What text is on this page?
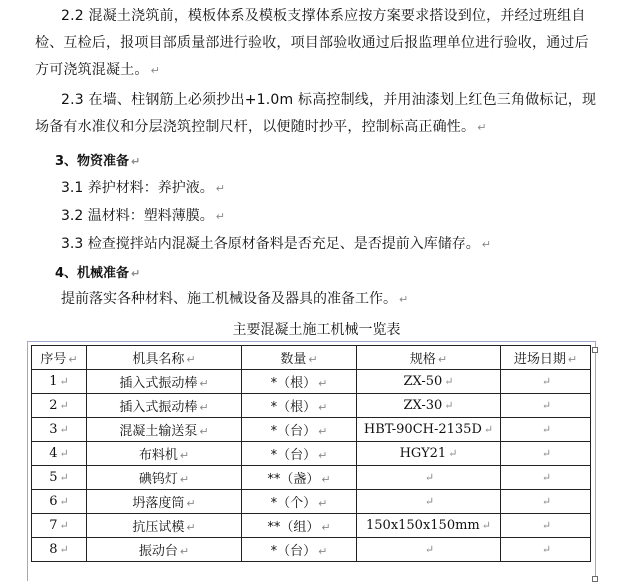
2.2 混凝土浇筑前，模板体系及模板支撑体系应按方案要求搭设到位，并经过班组自
检、互检后，报项目部质量部进行验收，项目部验收通过后报监理单位进行验收，通过后
方可浇筑混凝土。 ↵
2.3 在墙、柱钢筋上必须抄出+1.0m 标高控制线，并用油漆划上红色三角做标记，现
场备有水准仪和分层浇筑控制尺杆，以便随时抄平，控制标高正确性。 ↵
3、物资准备 ↵
3.1 养护材料：养护液。 ↵
3.2 温材料：塑料薄膜。 ↵
3.3 检查搅拌站内混凝土各原材备料是否充足、是否提前入库储存。 ↵
4、机械准备 ↵
提前落实各种材料、施工机械设备及器具的准备工作。 ↵
主要混凝土施工机械一览表
序号 ↵	机具名称 ↵	数量 ↵	规格 ↵	进场日期 ↵
1 ↵	插入式振动棒 ↵	*（根） ↵	ZX-50 ↵	↵
2 ↵	插入式振动棒 ↵	*（根） ↵	ZX-30 ↵	↵
3 ↵	混凝土输送泵 ↵	*（台） ↵	HBT-90CH-2135D ↵	↵
4 ↵	布料机 ↵	*（台） ↵	HGY21 ↵	↵
5 ↵	碘钨灯 ↵	**（盏） ↵	↵	↵
6 ↵	坍落度筒 ↵	*（个） ↵	↵	↵
7 ↵	抗压试模 ↵	**（组） ↵	150x150x150mm ↵	↵
8 ↵	振动台 ↵	*（台） ↵	↵	↵
